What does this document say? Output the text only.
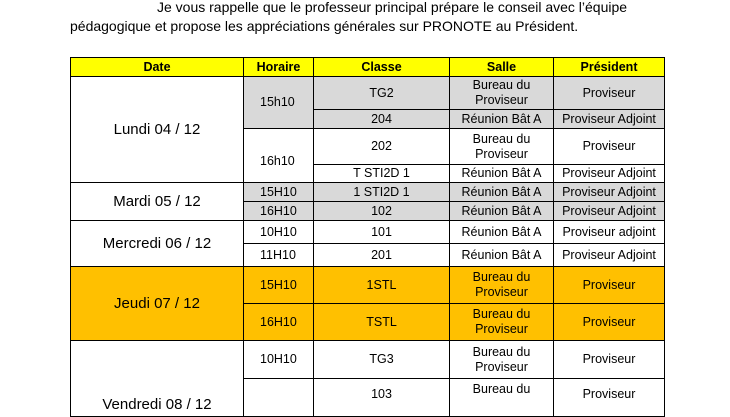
Je vous rappelle que le professeur principal prépare le conseil avec l’équipe
pédagogique et propose les appréciations générales sur PRONOTE au Président.
Date	Horaire	Classe	Salle	Président
Lundi 04 / 12	15h10	TG2	Bureau du Proviseur	Proviseur
		204	Réunion Bât A	Proviseur Adjoint
	16h10	202	Bureau du Proviseur	Proviseur
		T STI2D 1	Réunion Bât A	Proviseur Adjoint
Mardi 05 / 12	15H10	1 STI2D 1	Réunion Bât A	Proviseur Adjoint
	16H10	102	Réunion Bât A	Proviseur Adjoint
Mercredi 06 / 12	10H10	101	Réunion Bât A	Proviseur adjoint
	11H10	201	Réunion Bât A	Proviseur Adjoint
Jeudi 07 / 12	15H10	1STL	Bureau du Proviseur	Proviseur
	16H10	TSTL	Bureau du Proviseur	Proviseur
Vendredi 08 / 12	10H10	TG3	Bureau du Proviseur	Proviseur
		103	Bureau du	Proviseur
